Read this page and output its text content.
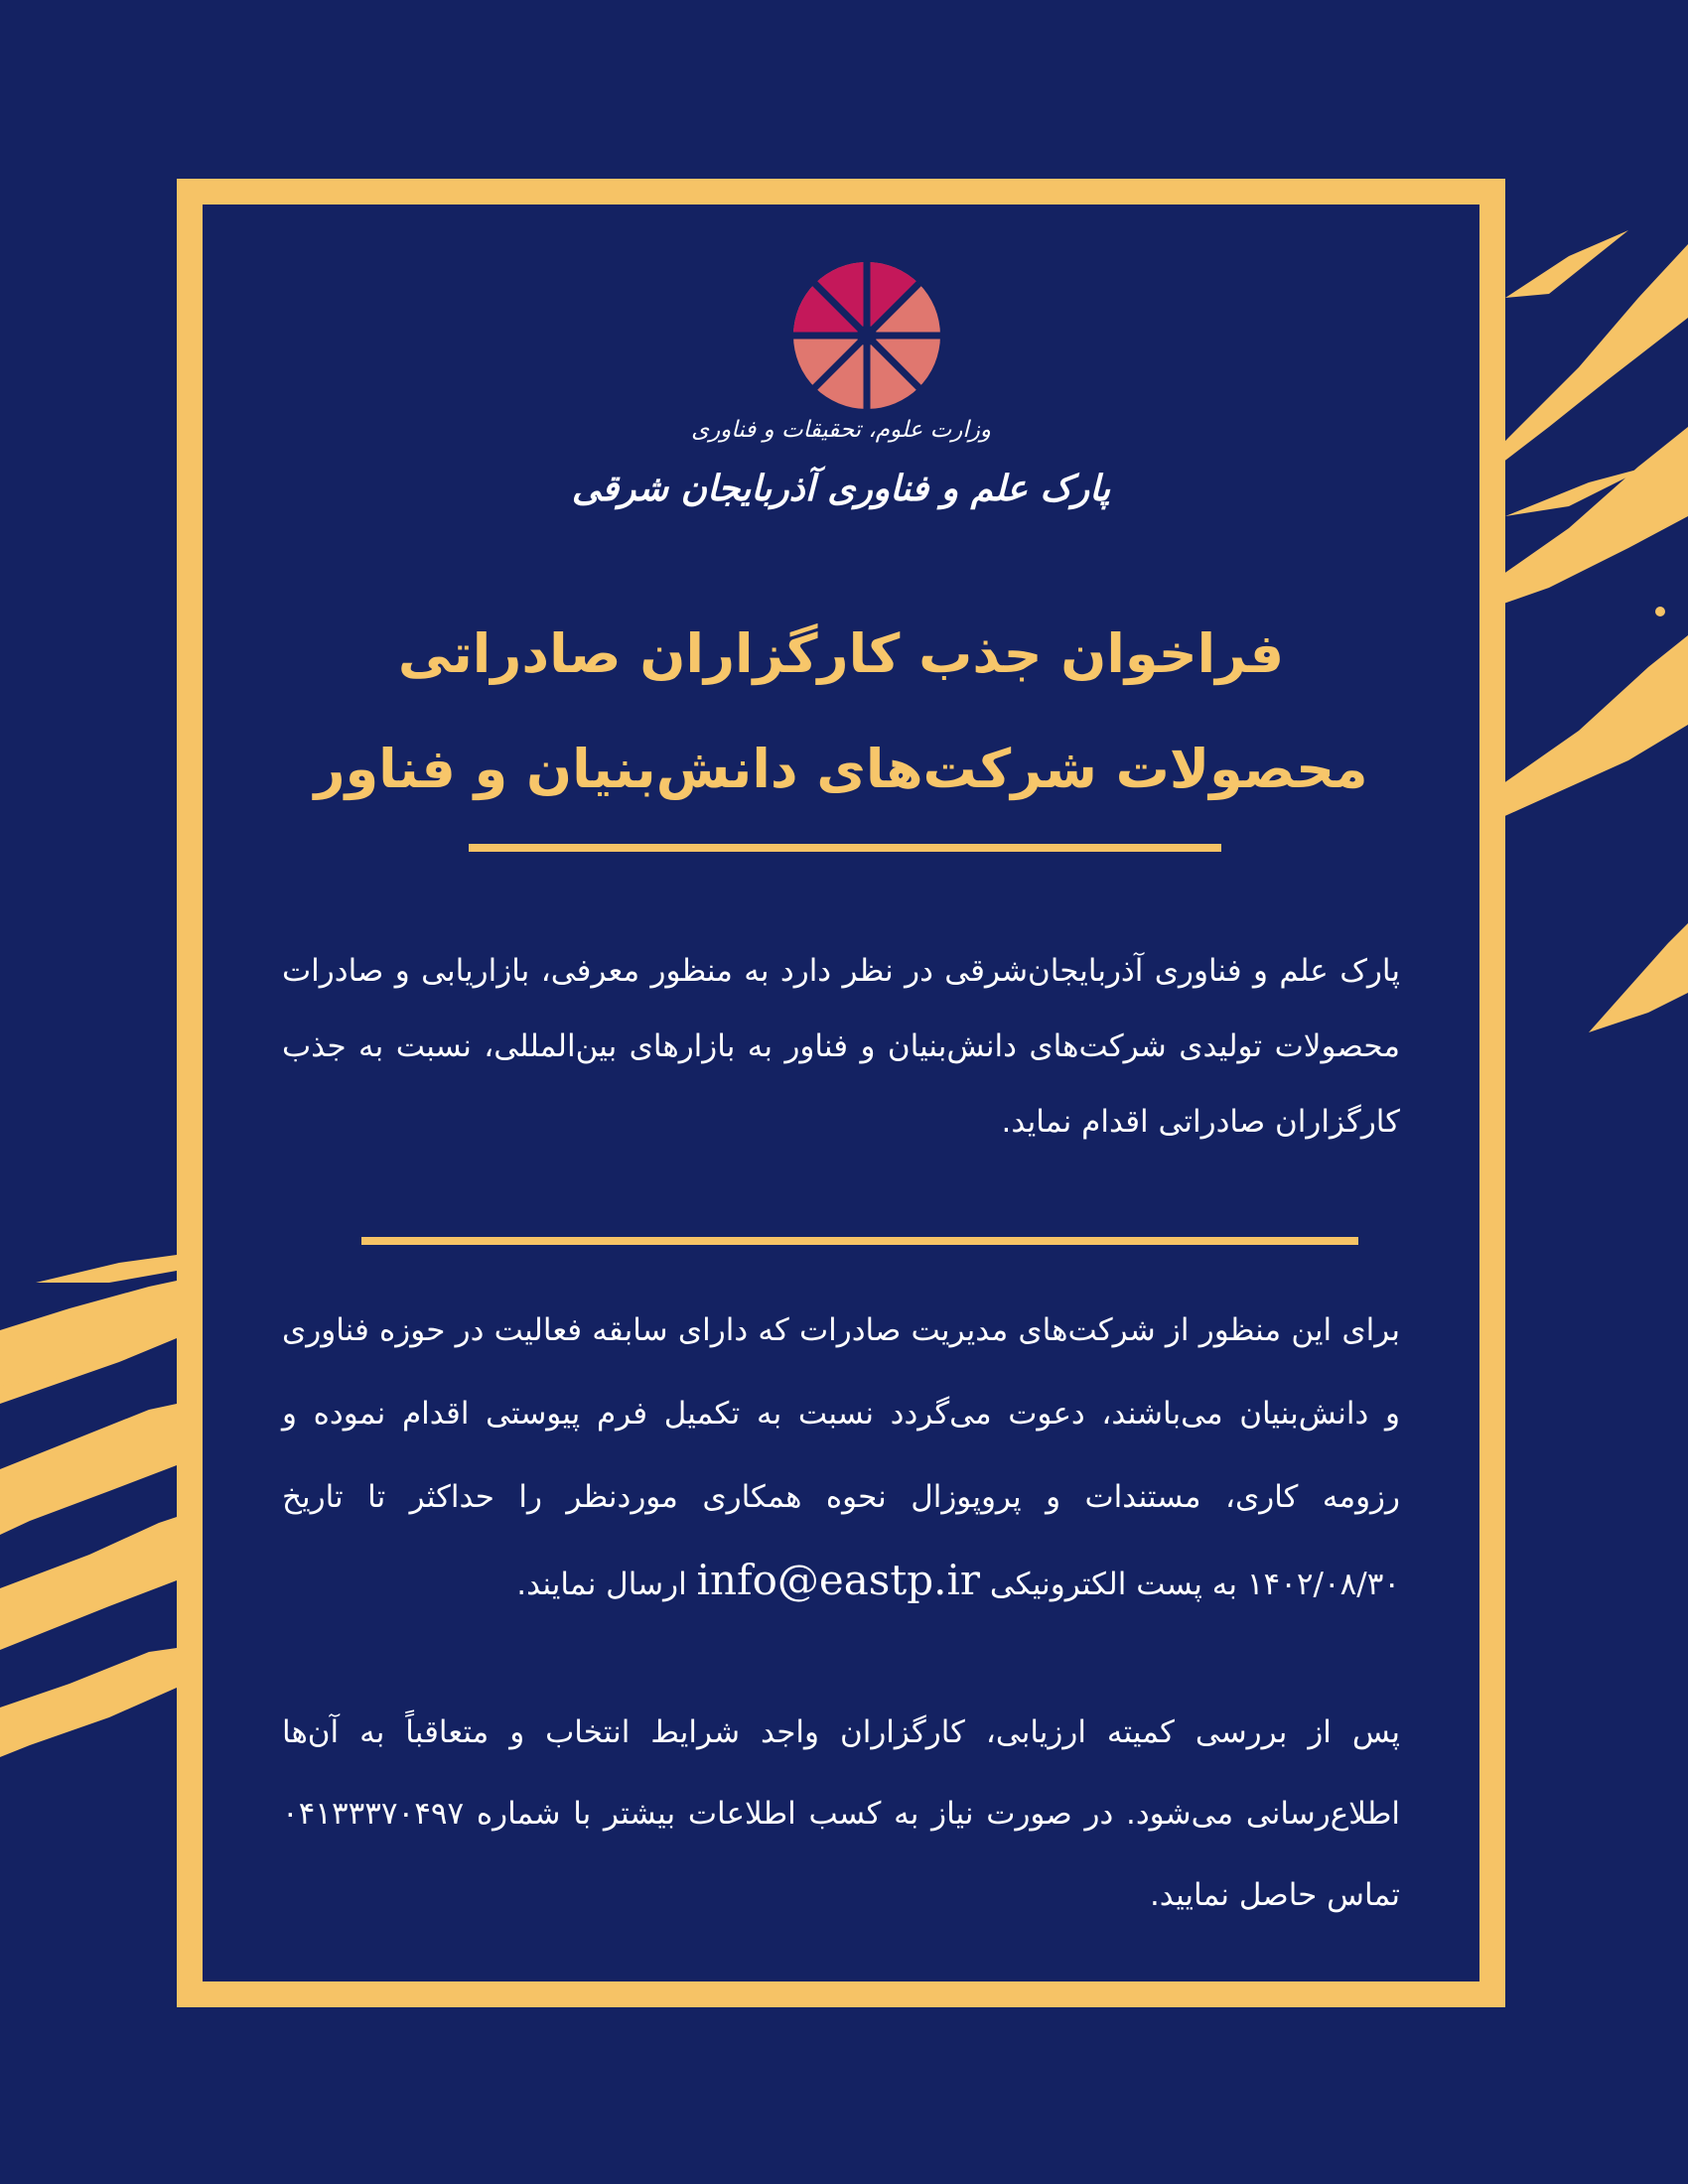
وزارت علوم، تحقیقات و فناوری
پارک علم و فناوری آذربایجان شرقی
فراخوان جذب کارگزاران صادراتی
محصولات شرکت‌های دانش‌بنیان و فناور

پارک علم و فناوری آذربایجان‌شرقی در نظر دارد به منظور معرفی، بازاریابی و صادرات محصولات تولیدی شرکت‌های دانش‌بنیان و فناور به بازارهای بین‌المللی، نسبت به جذب کارگزاران صادراتی اقدام نماید.

برای این منظور از شرکت‌های مدیریت صادرات که دارای سابقه فعالیت در حوزه فناوری و دانش‌بنیان می‌باشند، دعوت می‌گردد نسبت به تکمیل فرم پیوستی اقدام نموده و رزومه کاری، مستندات و پروپوزال نحوه همکاری موردنظر را حداکثر تا تاریخ ۱۴۰۲/۰۸/۳۰ به پست الکترونیکی info@eastp.ir ارسال نمایند.

پس از بررسی کمیته ارزیابی، کارگزاران واجد شرایط انتخاب و متعاقباً به آن‌ها اطلاع‌رسانی می‌شود. در صورت نیاز به کسب اطلاعات بیشتر با شماره ۰۴۱۳۳۳۷۰۴۹۷ تماس حاصل نمایید.
